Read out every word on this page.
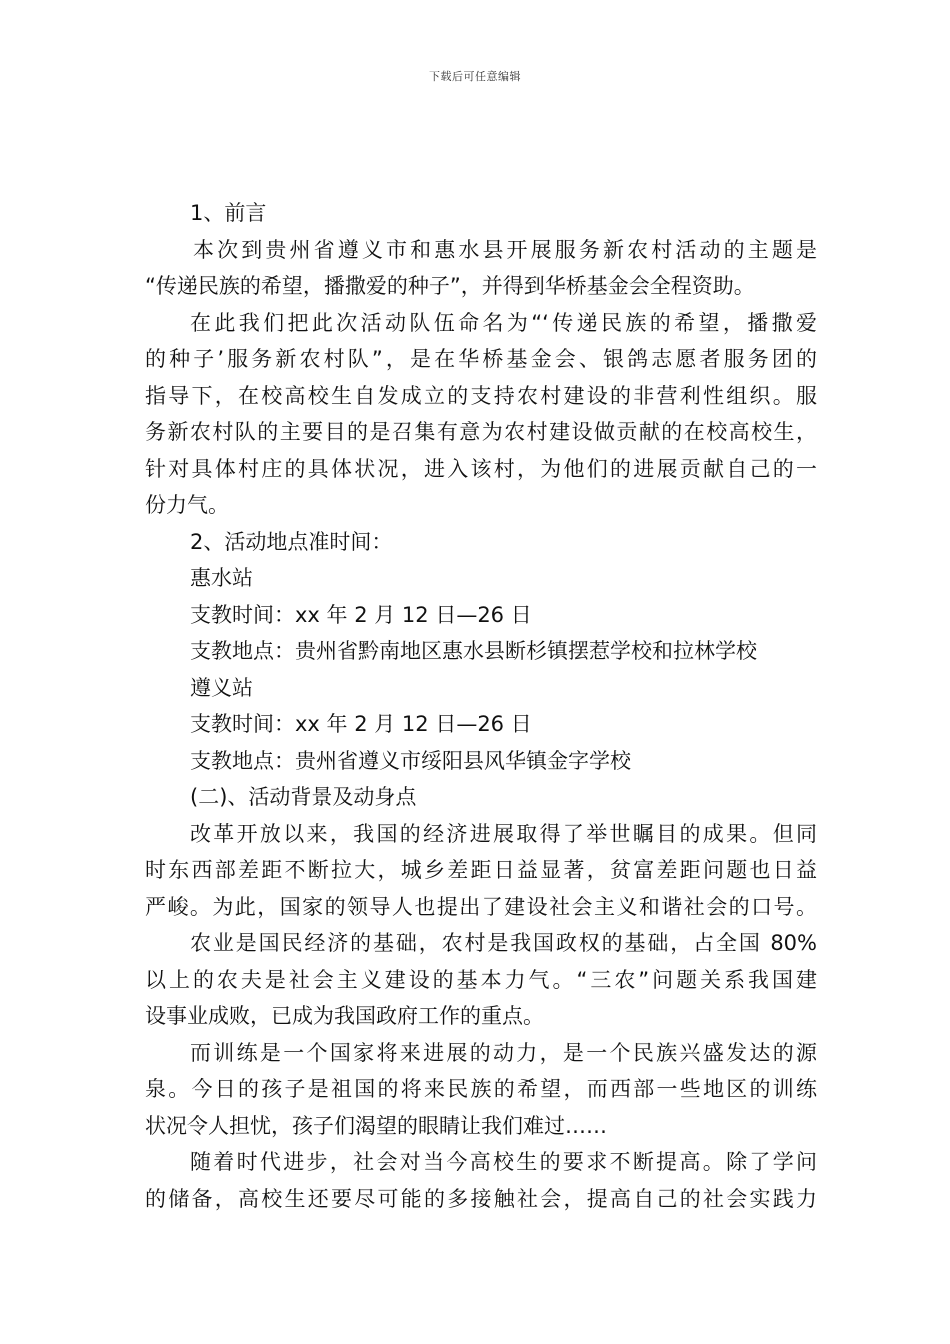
下载后可任意编辑
1、前言
本次到贵州省遵义市和惠水县开展服务新农村活动的主题是
“传递民族的希望，播撒爱的种子”，并得到华桥基金会全程资助。
在此我们把此次活动队伍命名为“‘传递民族的希望，播撒爱
的种子’服务新农村队”，是在华桥基金会、银鸽志愿者服务团的
指导下，在校高校生自发成立的支持农村建设的非营利性组织。服
务新农村队的主要目的是召集有意为农村建设做贡献的在校高校生，
针对具体村庄的具体状况，进入该村，为他们的进展贡献自己的一
份力气。
2、活动地点准时间：
惠水站
支教时间：xx 年 2 月 12 日—26 日
支教地点：贵州省黔南地区惠水县断杉镇摆惹学校和拉林学校
遵义站
支教时间：xx 年 2 月 12 日—26 日
支教地点：贵州省遵义市绥阳县风华镇金字学校
(二)、活动背景及动身点
改革开放以来，我国的经济进展取得了举世瞩目的成果。但同
时东西部差距不断拉大，城乡差距日益显著，贫富差距问题也日益
严峻。为此，国家的领导人也提出了建设社会主义和谐社会的口号。
农业是国民经济的基础，农村是我国政权的基础，占全国 80%
以上的农夫是社会主义建设的基本力气。“三农”问题关系我国建
设事业成败，已成为我国政府工作的重点。
而训练是一个国家将来进展的动力，是一个民族兴盛发达的源
泉。今日的孩子是祖国的将来民族的希望，而西部一些地区的训练
状况令人担忧，孩子们渴望的眼睛让我们难过……
随着时代进步，社会对当今高校生的要求不断提高。除了学问
的储备，高校生还要尽可能的多接触社会，提高自己的社会实践力
